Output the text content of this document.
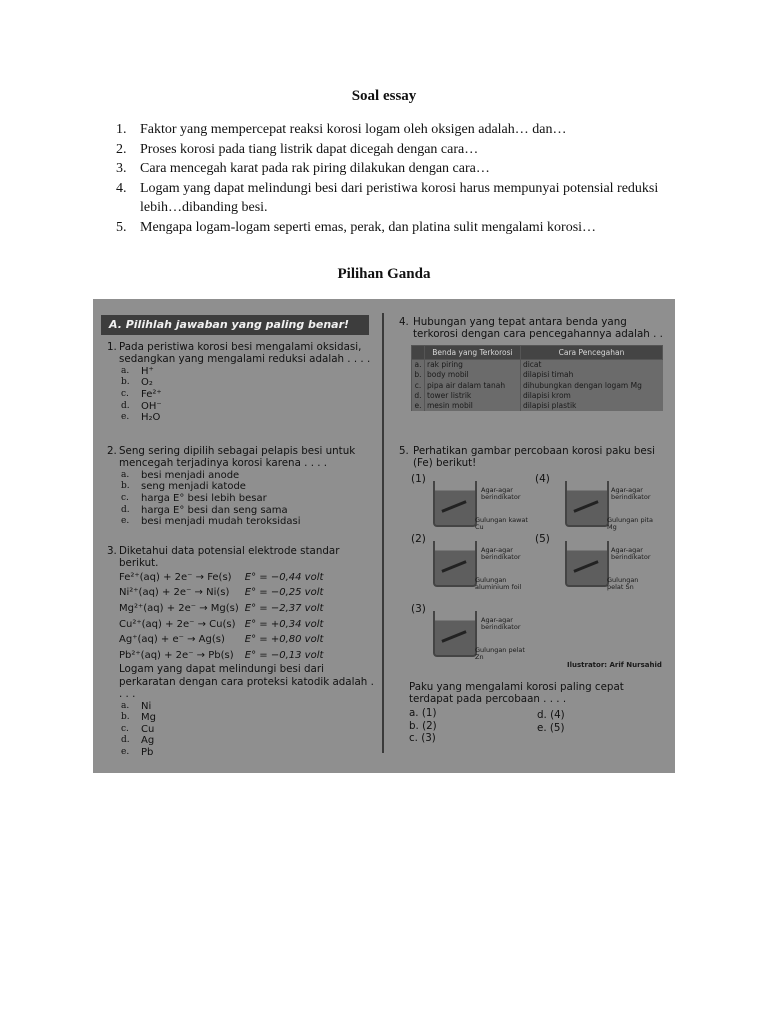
Soal essay
1. Faktor yang mempercepat reaksi korosi logam oleh oksigen adalah… dan…
2. Proses korosi pada tiang listrik dapat dicegah dengan cara…
3. Cara mencegah karat pada rak piring dilakukan dengan cara…
4. Logam yang dapat melindungi besi dari peristiwa korosi harus mempunyai potensial reduksi lebih…dibanding besi.
5. Mengapa logam-logam seperti emas, perak, dan platina sulit mengalami korosi…
Pilihan Ganda
A. Pilihlah jawaban yang paling benar!
1. Pada peristiwa korosi besi mengalami oksidasi, sedangkan yang mengalami reduksi adalah . . . .
a. H⁺
b. O₂
c. Fe²⁺
d. OH⁻
e. H₂O
2. Seng sering dipilih sebagai pelapis besi untuk mencegah terjadinya korosi karena . . . .
a. besi menjadi anode
b. seng menjadi katode
c. harga E° besi lebih besar
d. harga E° besi dan seng sama
e. besi menjadi mudah teroksidasi
3. Diketahui data potensial elektrode standar berikut.
Fe²⁺(aq) + 2e⁻ → Fe(s)	E° = −0,44 volt
Ni²⁺(aq) + 2e⁻ → Ni(s)	E° = −0,25 volt
Mg²⁺(aq) + 2e⁻ → Mg(s)	E° = −2,37 volt
Cu²⁺(aq) + 2e⁻ → Cu(s)	E° = +0,34 volt
Ag⁺(aq) + e⁻ → Ag(s)	E° = +0,80 volt
Pb²⁺(aq) + 2e⁻ → Pb(s)	E° = −0,13 volt
Logam yang dapat melindungi besi dari perkaratan dengan cara proteksi katodik adalah . . . .
a. Ni
b. Mg
c. Cu
d. Ag
e. Pb
4. Hubungan yang tepat antara benda yang terkorosi dengan cara pencegahannya adalah . .
	Benda yang Terkorosi	Cara Pencegahan
a.	rak piring	dicat
b.	body mobil	dilapisi timah
c.	pipa air dalam tanah	dihubungkan dengan logam Mg
d.	tower listrik	dilapisi krom
e.	mesin mobil	dilapisi plastik
5. Perhatikan gambar percobaan korosi paku besi (Fe) berikut!
(1)
Agar-agar berindikator
Gulungan kawat Cu
(4)
Agar-agar berindikator
Gulungan pita Mg
(2)
Agar-agar berindikator
Gulungan aluminium foil
(5)
Agar-agar berindikator
Gulungan pelat Sn
(3)
Agar-agar berindikator
Gulungan pelat Zn
Ilustrator: Arif Nursahid
Paku yang mengalami korosi paling cepat terdapat pada percobaan . . . .
a. (1)
b. (2)
c. (3)
d. (4)
e. (5)
